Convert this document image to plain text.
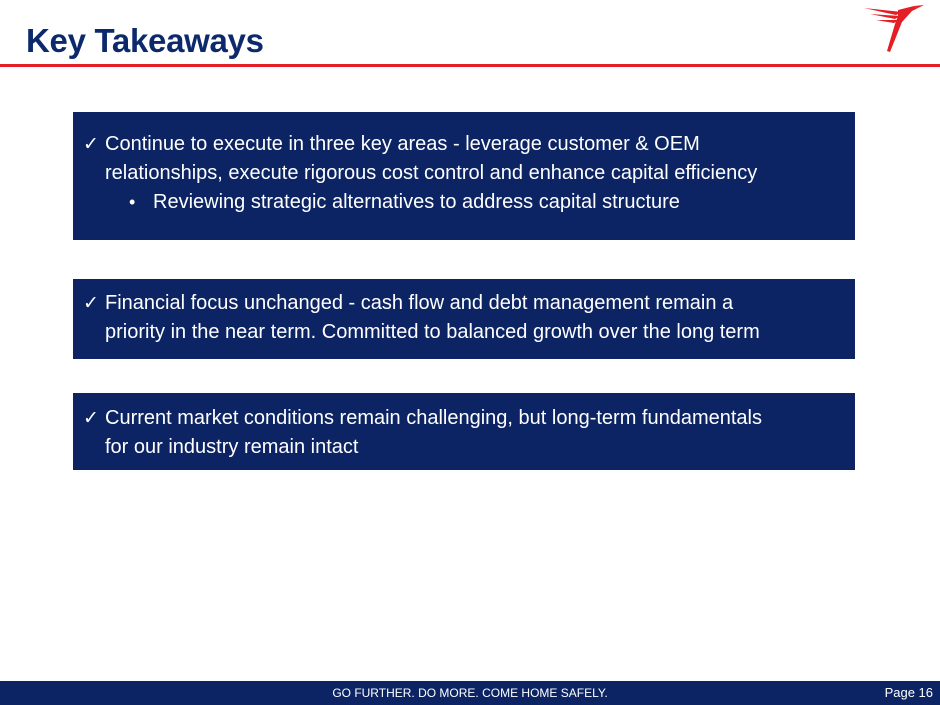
Key Takeaways
✓ Continue to execute in three key areas - leverage customer & OEM
relationships, execute rigorous cost control and enhance capital efficiency
• Reviewing strategic alternatives to address capital structure
✓ Financial focus unchanged - cash flow and debt management remain a
priority in the near term. Committed to balanced growth over the long term
✓ Current market conditions remain challenging, but long-term fundamentals
for our industry remain intact
GO FURTHER. DO MORE. COME HOME SAFELY.	Page 16
